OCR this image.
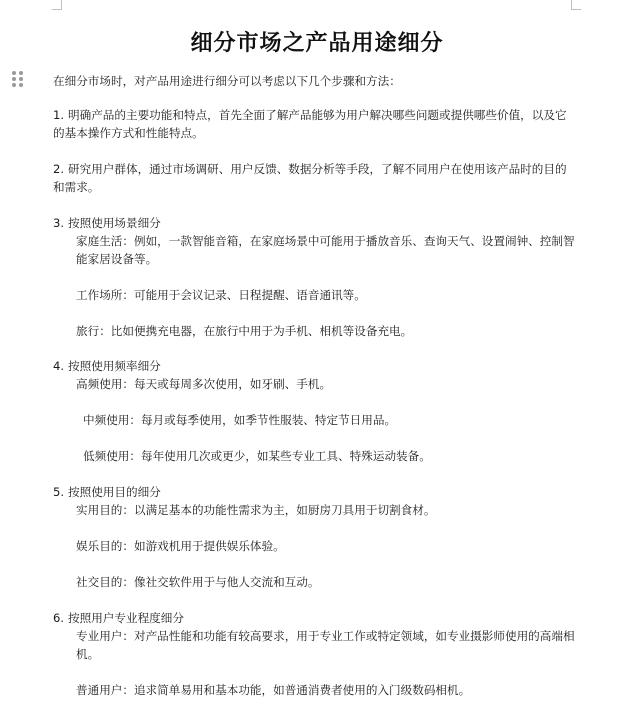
细分市场之产品用途细分

在细分市场时，对产品用途进行细分可以考虑以下几个步骤和方法：

1. 明确产品的主要功能和特点，首先全面了解产品能够为用户解决哪些问题或提供哪些价值，以及它的基本操作方式和性能特点。

2. 研究用户群体，通过市场调研、用户反馈、数据分析等手段，了解不同用户在使用该产品时的目的和需求。

3. 按照使用场景细分

家庭生活：例如，一款智能音箱，在家庭场景中可能用于播放音乐、查询天气、设置闹钟、控制智能家居设备等。

工作场所：可能用于会议记录、日程提醒、语音通讯等。

旅行：比如便携充电器，在旅行中用于为手机、相机等设备充电。

4. 按照使用频率细分

高频使用：每天或每周多次使用，如牙刷、手机。

中频使用：每月或每季使用，如季节性服装、特定节日用品。

低频使用：每年使用几次或更少，如某些专业工具、特殊运动装备。

5. 按照使用目的细分

实用目的：以满足基本的功能性需求为主，如厨房刀具用于切割食材。

娱乐目的：如游戏机用于提供娱乐体验。

社交目的：像社交软件用于与他人交流和互动。

6. 按照用户专业程度细分

专业用户：对产品性能和功能有较高要求，用于专业工作或特定领域，如专业摄影师使用的高端相机。

普通用户：追求简单易用和基本功能，如普通消费者使用的入门级数码相机。
